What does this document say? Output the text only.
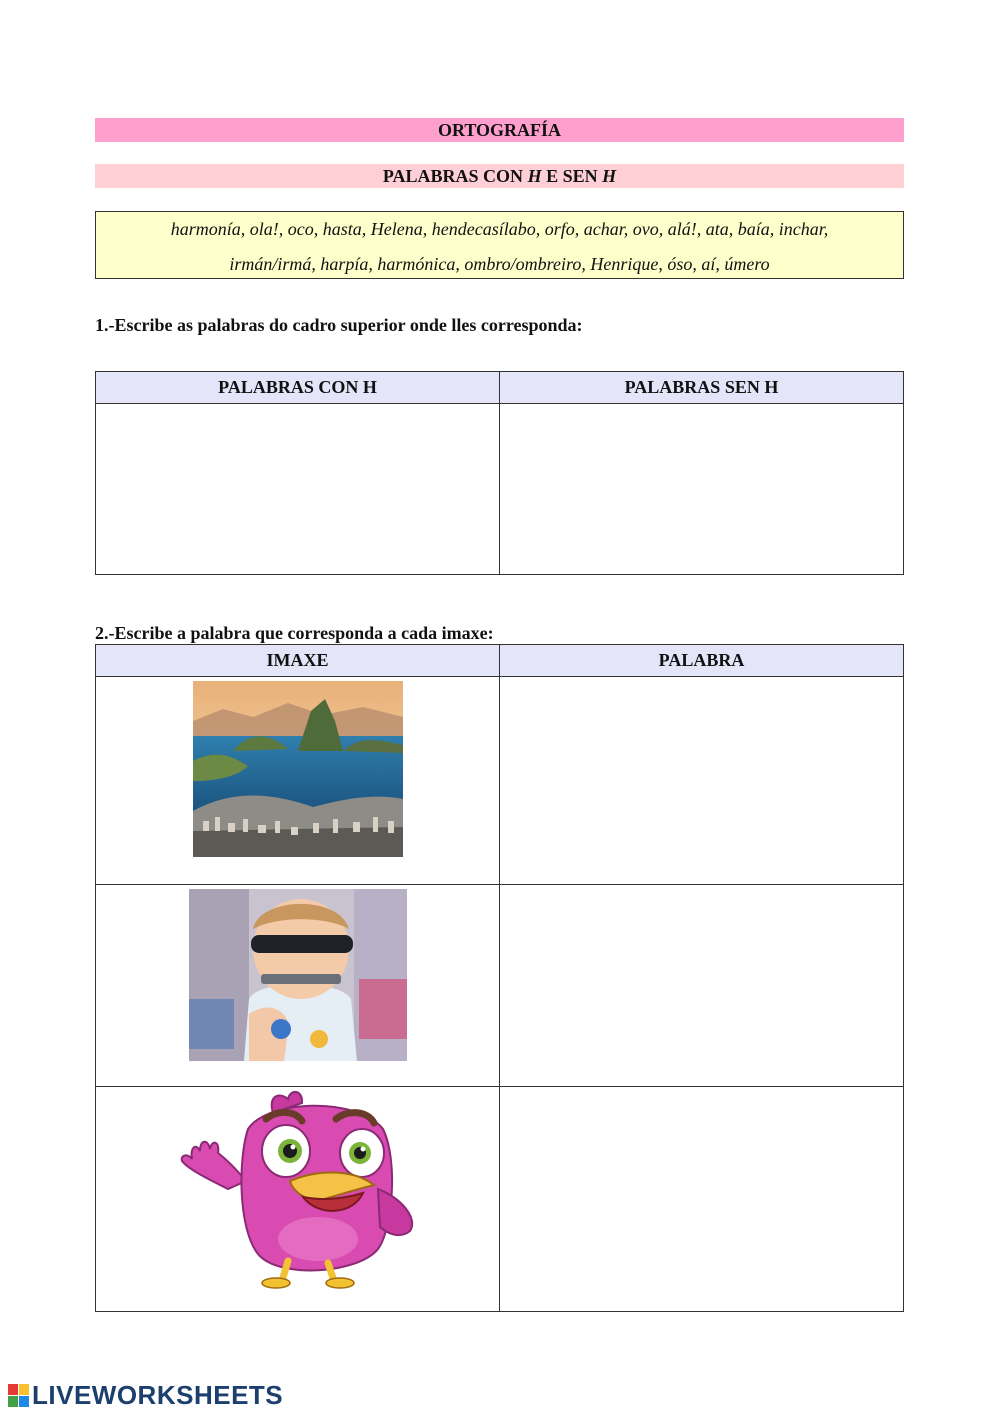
ORTOGRAFÍA
PALABRAS CON H E SEN H
harmonía, ola!, oco, hasta, Helena, hendecasílabo, orfo, achar, ovo, alá!, ata, baía, inchar,
irmán/irmá, harpía, harmónica, ombro/ombreiro, Henrique, óso, aí, úmero
1.-Escribe as palabras do cadro superior onde lles corresponda:
PALABRAS CON H	PALABRAS SEN H

2.-Escribe a palabra que corresponda a cada imaxe:
IMAXE	PALABRA

LIVEWORKSHEETS
